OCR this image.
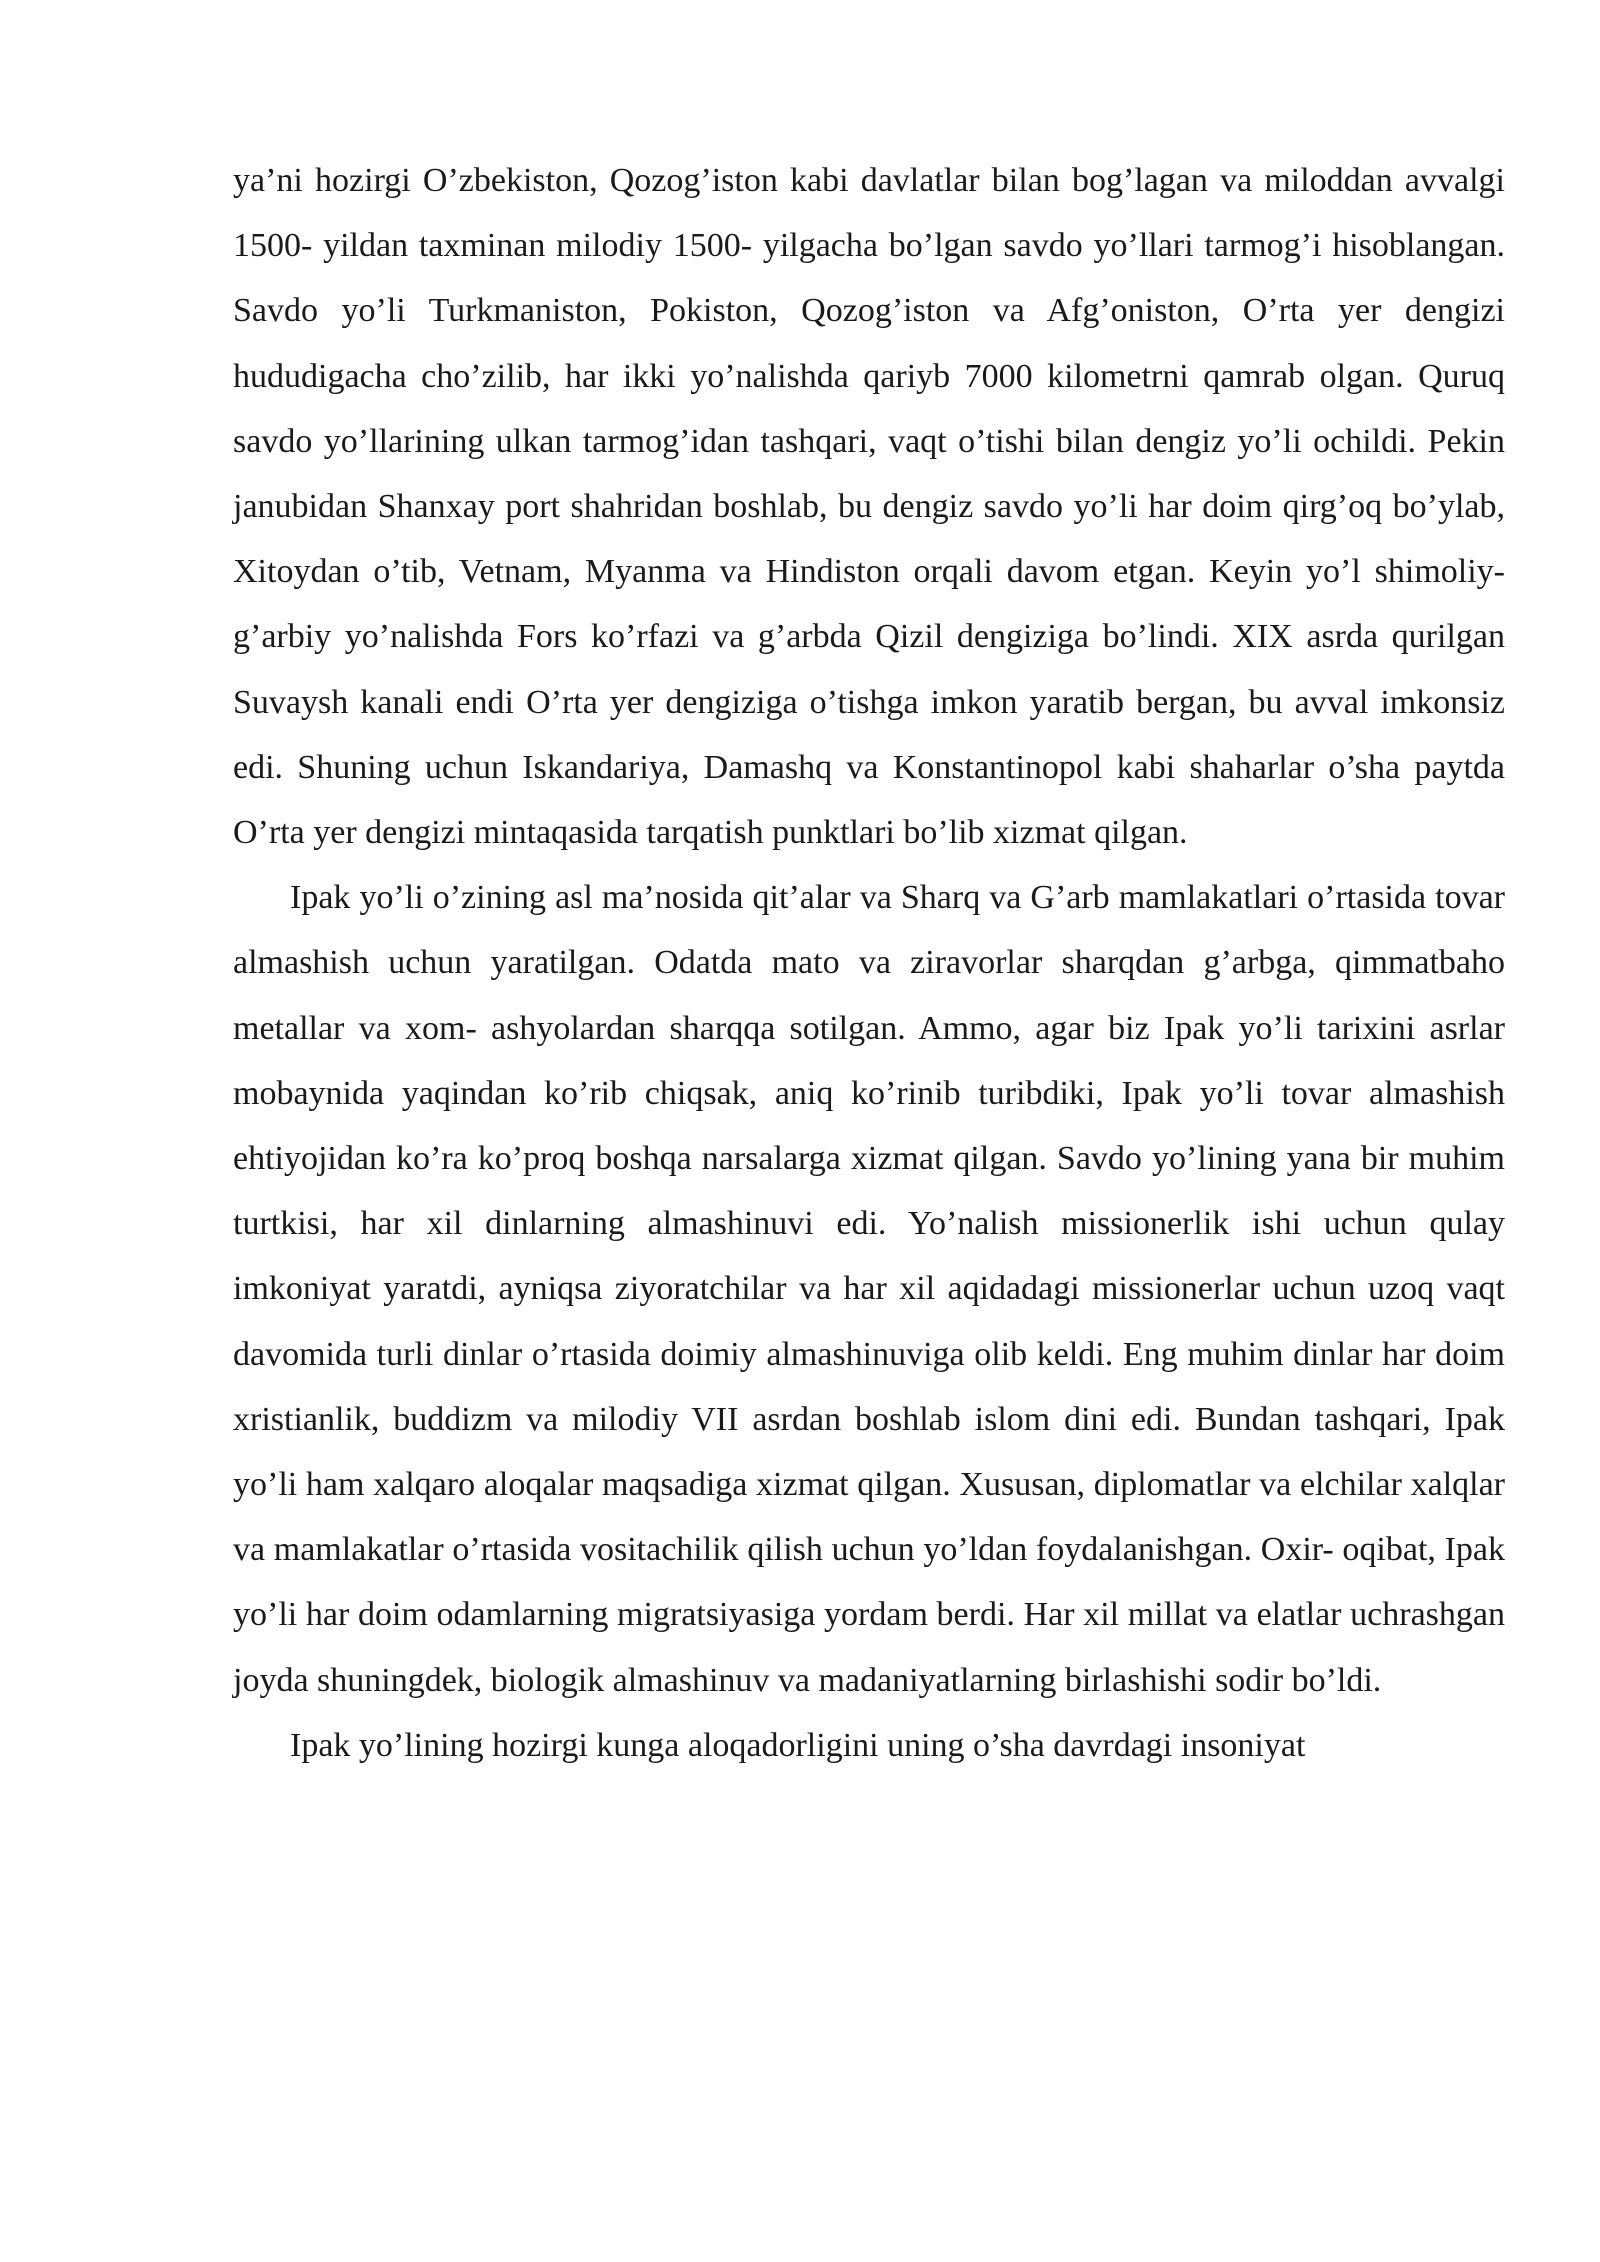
ya’ni hozirgi O’zbekiston, Qozog’iston kabi davlatlar bilan bog’lagan va miloddan avvalgi 1500- yildan taxminan milodiy 1500- yilgacha bo’lgan savdo yo’llari tarmog’i hisoblangan. Savdo yo’li Turkmaniston, Pokiston, Qozog’iston va Afg’oniston, O’rta yer dengizi hududigacha cho’zilib, har ikki yo’nalishda qariyb 7000 kilometrni qamrab olgan. Quruq savdo yo’llarining ulkan tarmog’idan tashqari, vaqt o’tishi bilan dengiz yo’li ochildi. Pekin janubidan Shanxay port shahridan boshlab, bu dengiz savdo yo’li har doim qirg’oq bo’ylab, Xitoydan o’tib, Vetnam, Myanma va Hindiston orqali davom etgan. Keyin yo’l shimoliy- g’arbiy yo’nalishda Fors ko’rfazi va g’arbda Qizil dengiziga bo’lindi. XIX asrda qurilgan Suvaysh kanali endi O’rta yer dengiziga o’tishga imkon yaratib bergan, bu avval imkonsiz edi. Shuning uchun Iskandariya, Damashq va Konstantinopol kabi shaharlar o’sha paytda O’rta yer dengizi mintaqasida tarqatish punktlari bo’lib xizmat qilgan.

Ipak yo’li o’zining asl ma’nosida qit’alar va Sharq va G’arb mamlakatlari o’rtasida tovar almashish uchun yaratilgan. Odatda mato va ziravorlar sharqdan g’arbga, qimmatbaho metallar va xom- ashyolardan sharqqa sotilgan. Ammo, agar biz Ipak yo’li tarixini asrlar mobaynida yaqindan ko’rib chiqsak, aniq ko’rinib turibdiki, Ipak yo’li tovar almashish ehtiyojidan ko’ra ko’proq boshqa narsalarga xizmat qilgan. Savdo yo’lining yana bir muhim turtkisi, har xil dinlarning almashinuvi edi. Yo’nalish missionerlik ishi uchun qulay imkoniyat yaratdi, ayniqsa ziyoratchilar va har xil aqidadagi missionerlar uchun uzoq vaqt davomida turli dinlar o’rtasida doimiy almashinuviga olib keldi. Eng muhim dinlar har doim xristianlik, buddizm va milodiy VII asrdan boshlab islom dini edi. Bundan tashqari, Ipak yo’li ham xalqaro aloqalar maqsadiga xizmat qilgan. Xususan, diplomatlar va elchilar xalqlar va mamlakatlar o’rtasida vositachilik qilish uchun yo’ldan foydalanishgan. Oxir- oqibat, Ipak yo’li har doim odamlarning migratsiyasiga yordam berdi. Har xil millat va elatlar uchrashgan joyda shuningdek, biologik almashinuv va madaniyatlarning birlashishi sodir bo’ldi.

Ipak yo’lining hozirgi kunga aloqadorligini uning o’sha davrdagi insoniyat
